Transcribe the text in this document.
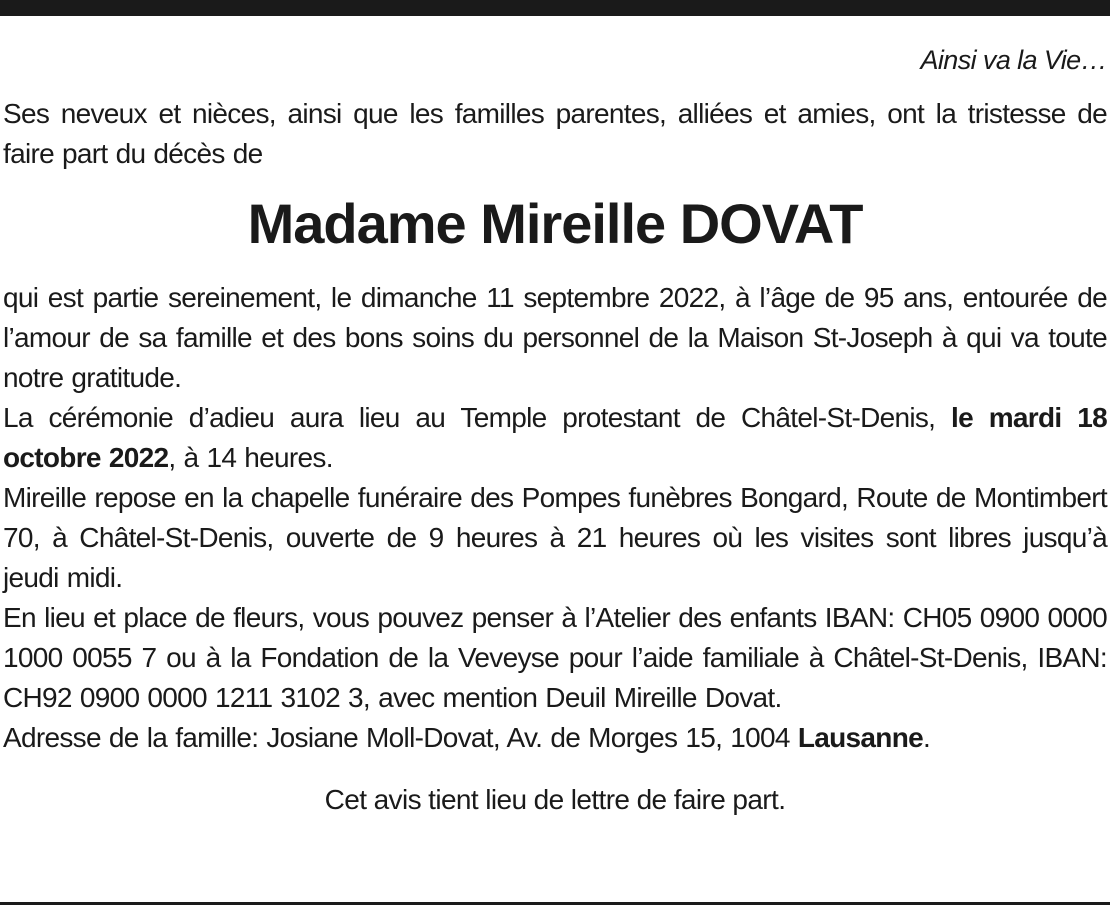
Ainsi va la Vie…

Ses neveux et nièces, ainsi que les familles parentes, alliées et amies, ont la tristesse de faire part du décès de

Madame Mireille DOVAT

qui est partie sereinement, le dimanche 11 septembre 2022, à l’âge de 95 ans, entourée de l’amour de sa famille et des bons soins du personnel de la Maison St-Joseph à qui va toute notre gratitude.

La cérémonie d’adieu aura lieu au Temple protestant de Châtel-St-Denis, le mardi 18 octobre 2022, à 14 heures.

Mireille repose en la chapelle funéraire des Pompes funèbres Bongard, Route de Montimbert 70, à Châtel-St-Denis, ouverte de 9 heures à 21 heures où les visites sont libres jusqu’à jeudi midi.

En lieu et place de fleurs, vous pouvez penser à l’Atelier des enfants IBAN: CH05 0900 0000 1000 0055 7 ou à la Fondation de la Veveyse pour l’aide familiale à Châtel-St-Denis, IBAN: CH92 0900 0000 1211 3102 3, avec mention Deuil Mireille Dovat.

Adresse de la famille: Josiane Moll-Dovat, Av. de Morges 15, 1004 Lausanne.

Cet avis tient lieu de lettre de faire part.
